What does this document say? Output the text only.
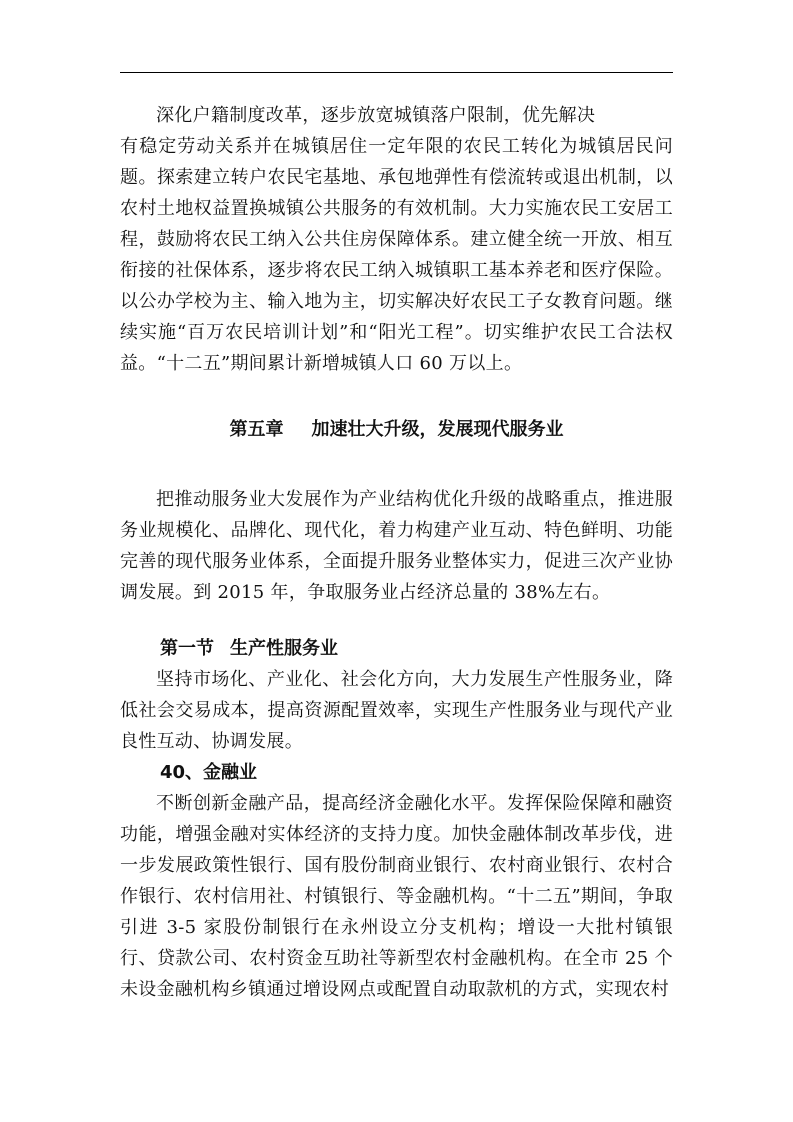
深化户籍制度改革，逐步放宽城镇落户限制，优先解决

有稳定劳动关系并在城镇居住一定年限的农民工转化为城镇居民问题。探索建立转户农民宅基地、承包地弹性有偿流转或退出机制，以农村土地权益置换城镇公共服务的有效机制。大力实施农民工安居工程，鼓励将农民工纳入公共住房保障体系。建立健全统一开放、相互衔接的社保体系，逐步将农民工纳入城镇职工基本养老和医疗保险。以公办学校为主、输入地为主，切实解决好农民工子女教育问题。继续实施“百万农民培训计划”和“阳光工程”。切实维护农民工合法权益。“十二五”期间累计新增城镇人口 60 万以上。

第五章 加速壮大升级，发展现代服务业

把推动服务业大发展作为产业结构优化升级的战略重点，推进服务业规模化、品牌化、现代化，着力构建产业互动、特色鲜明、功能完善的现代服务业体系，全面提升服务业整体实力，促进三次产业协调发展。到 2015 年，争取服务业占经济总量的 38%左右。

第一节 生产性服务业

坚持市场化、产业化、社会化方向，大力发展生产性服务业，降低社会交易成本，提高资源配置效率，实现生产性服务业与现代产业良性互动、协调发展。

40、金融业

不断创新金融产品，提高经济金融化水平。发挥保险保障和融资功能，增强金融对实体经济的支持力度。加快金融体制改革步伐，进一步发展政策性银行、国有股份制商业银行、农村商业银行、农村合作银行、农村信用社、村镇银行、等金融机构。“十二五”期间，争取引进 3-5 家股份制银行在永州设立分支机构；增设一大批村镇银行、贷款公司、农村资金互助社等新型农村金融机构。在全市 25 个未设金融机构乡镇通过增设网点或配置自动取款机的方式，实现农村
